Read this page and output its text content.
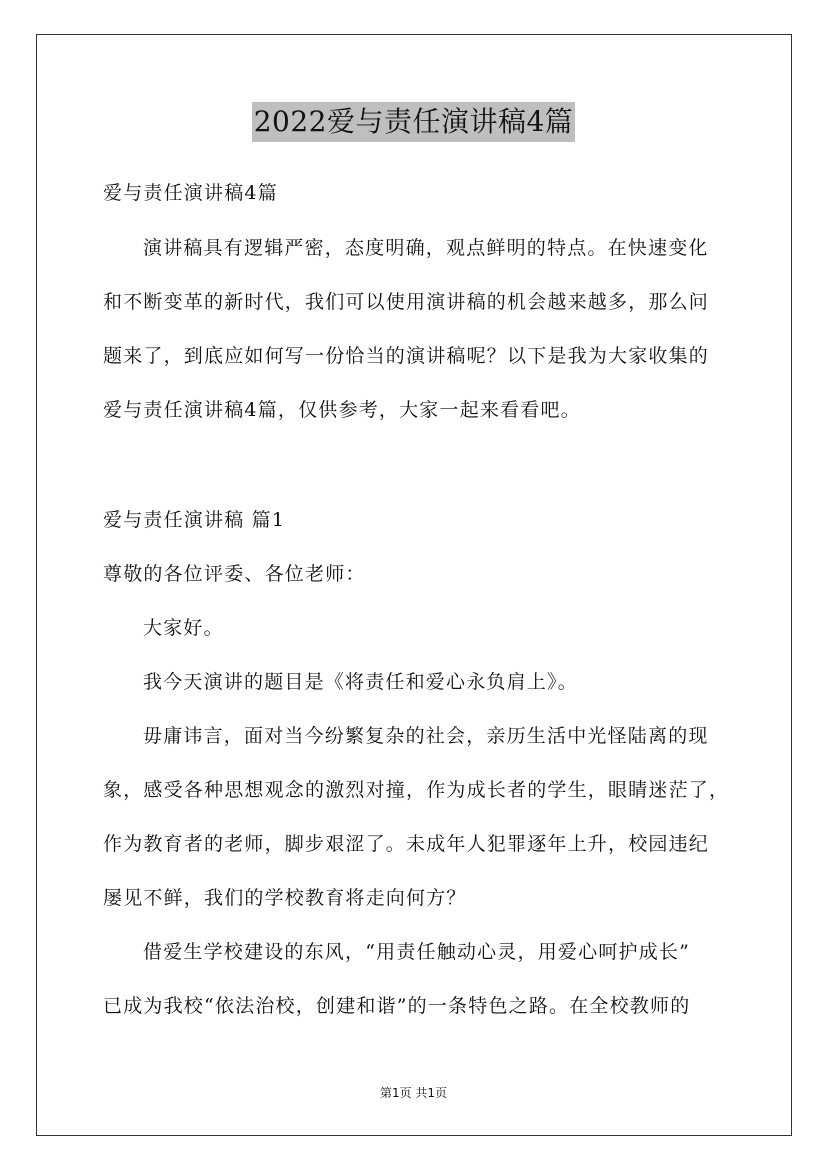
2022爱与责任演讲稿4篇
爱与责任演讲稿4篇
演讲稿具有逻辑严密，态度明确，观点鲜明的特点。在快速变化
和不断变革的新时代，我们可以使用演讲稿的机会越来越多，那么问
题来了，到底应如何写一份恰当的演讲稿呢？以下是我为大家收集的
爱与责任演讲稿4篇，仅供参考，大家一起来看看吧。
爱与责任演讲稿 篇1
尊敬的各位评委、各位老师：
大家好。
我今天演讲的题目是《将责任和爱心永负肩上》。
毋庸讳言，面对当今纷繁复杂的社会，亲历生活中光怪陆离的现
象，感受各种思想观念的激烈对撞，作为成长者的学生，眼睛迷茫了，
作为教育者的老师，脚步艰涩了。未成年人犯罪逐年上升，校园违纪
屡见不鲜，我们的学校教育将走向何方？
借爱生学校建设的东风，“用责任触动心灵，用爱心呵护成长”
已成为我校“依法治校，创建和谐”的一条特色之路。在全校教师的
第1页 共1页
